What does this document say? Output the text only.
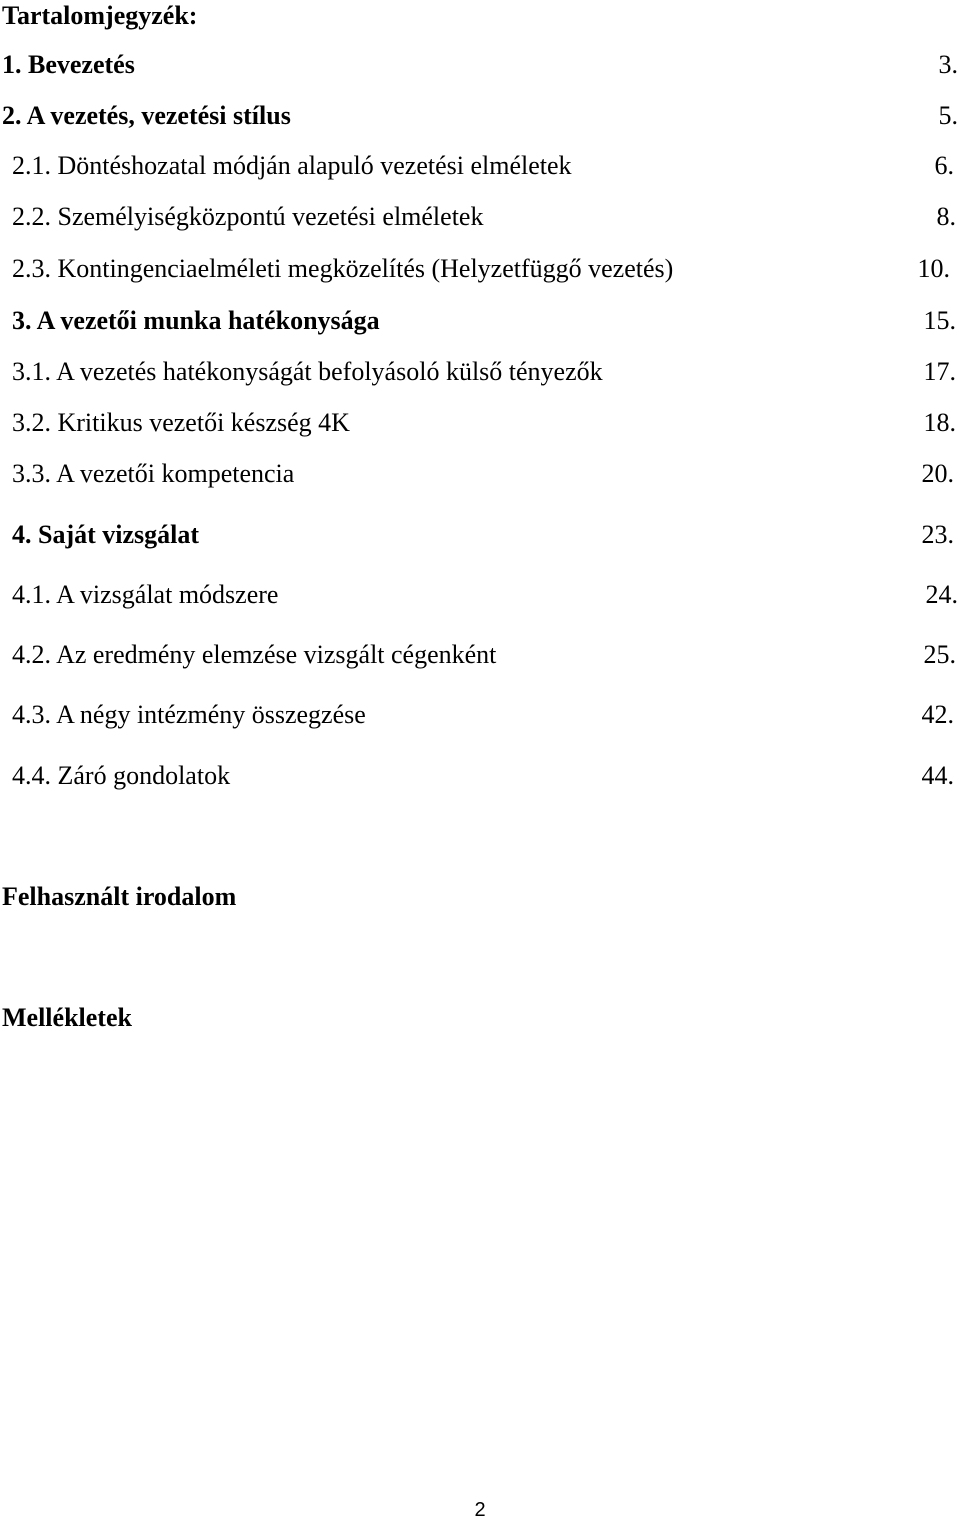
Tartalomjegyzék:
1. Bevezetés	3.
2. A vezetés, vezetési stílus	5.
2.1. Döntéshozatal módján alapuló vezetési elméletek	6.
2.2. Személyiségközpontú vezetési elméletek	8.
2.3. Kontingenciaelméleti megközelítés (Helyzetfüggő vezetés)	10.
3. A vezetői munka hatékonysága	15.
3.1. A vezetés hatékonyságát befolyásoló külső tényezők	17.
3.2. Kritikus vezetői készség 4K	18.
3.3. A vezetői kompetencia	20.
4. Saját vizsgálat	23.
4.1. A vizsgálat módszere	24.
4.2. Az eredmény elemzése vizsgált cégenként	25.
4.3. A négy intézmény összegzése	42.
4.4. Záró gondolatok	44.
Felhasznált irodalom
Mellékletek
2
